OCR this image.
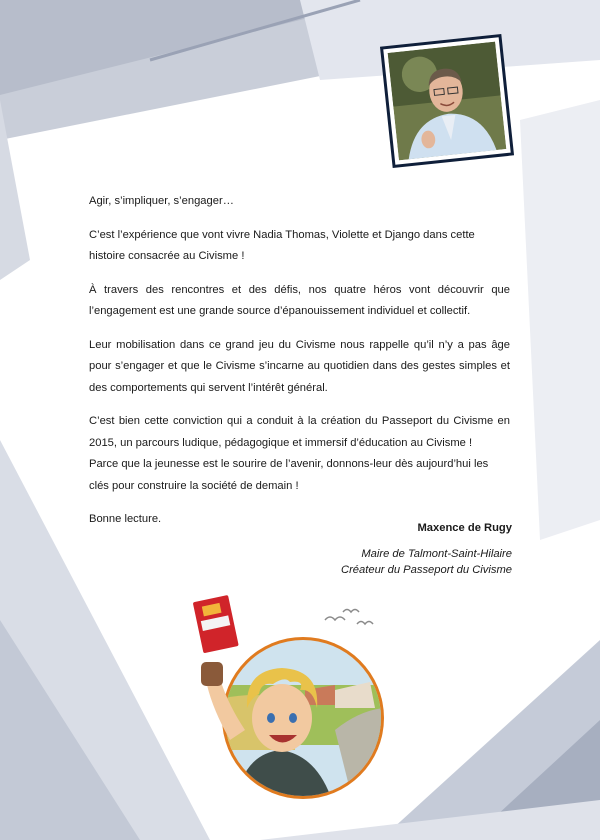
Agir, s’impliquer, s’engager…

C’est l’expérience que vont vivre Nadia Thomas, Violette et Django dans cette histoire consacrée au Civisme !

À travers des rencontres et des défis, nos quatre héros vont découvrir que l’engagement est une grande source d’épanouissement individuel et collectif.

Leur mobilisation dans ce grand jeu du Civisme nous rappelle qu’il n’y a pas âge pour s’engager et que le Civisme s’incarne au quotidien dans des gestes simples et des comportements qui servent l’intérêt général.

C’est bien cette conviction qui a conduit à la création du Passeport du Civisme en 2015, un parcours ludique, pédagogique et immersif d’éducation au Civisme !

Parce que la jeunesse est le sourire de l’avenir, donnons-leur dès aujourd’hui les clés pour construire la société de demain !

Bonne lecture.

Maxence de Rugy
Maire de Talmont-Saint-Hilaire
Créateur du Passeport du Civisme
